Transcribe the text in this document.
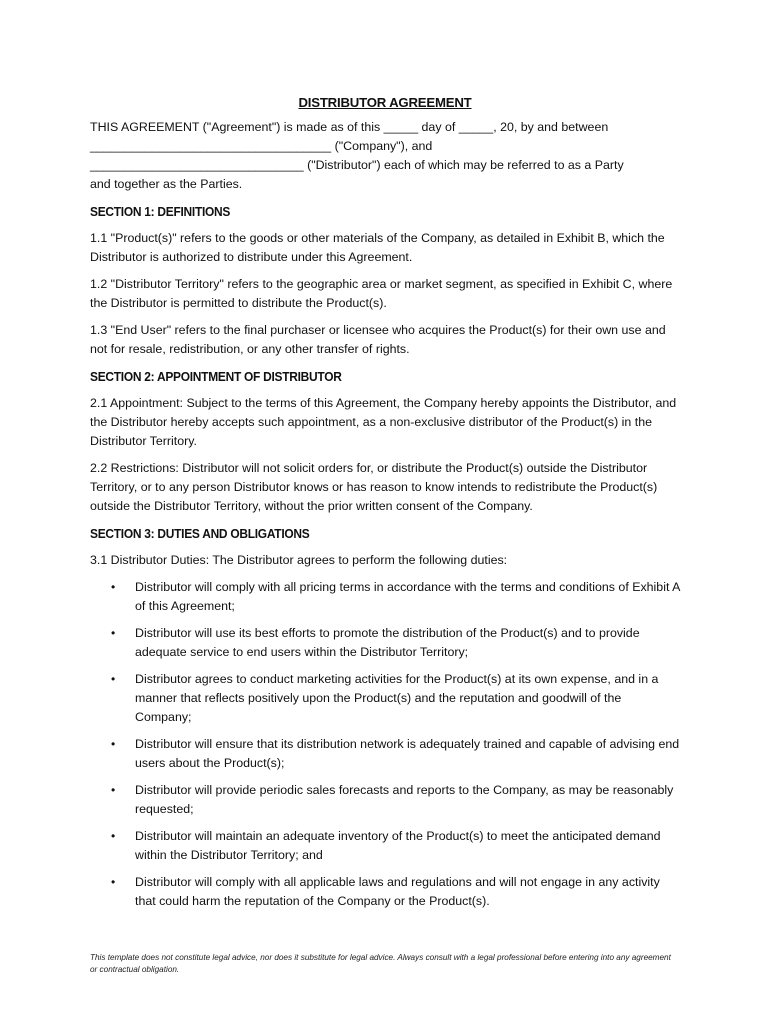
DISTRIBUTOR AGREEMENT
THIS AGREEMENT ("Agreement") is made as of this _____ day of _____, 20, by and between
___________________________________ ("Company"), and
_______________________________ ("Distributor") each of which may be referred to as a Party
and together as the Parties.
SECTION 1: DEFINITIONS
1.1 "Product(s)" refers to the goods or other materials of the Company, as detailed in Exhibit B, which the Distributor is authorized to distribute under this Agreement.
1.2 "Distributor Territory" refers to the geographic area or market segment, as specified in Exhibit C, where the Distributor is permitted to distribute the Product(s).
1.3 "End User" refers to the final purchaser or licensee who acquires the Product(s) for their own use and not for resale, redistribution, or any other transfer of rights.
SECTION 2: APPOINTMENT OF DISTRIBUTOR
2.1 Appointment: Subject to the terms of this Agreement, the Company hereby appoints the Distributor, and the Distributor hereby accepts such appointment, as a non-exclusive distributor of the Product(s) in the Distributor Territory.
2.2 Restrictions: Distributor will not solicit orders for, or distribute the Product(s) outside the Distributor Territory, or to any person Distributor knows or has reason to know intends to redistribute the Product(s) outside the Distributor Territory, without the prior written consent of the Company.
SECTION 3: DUTIES AND OBLIGATIONS
3.1 Distributor Duties: The Distributor agrees to perform the following duties:
• Distributor will comply with all pricing terms in accordance with the terms and conditions of Exhibit A of this Agreement;
• Distributor will use its best efforts to promote the distribution of the Product(s) and to provide adequate service to end users within the Distributor Territory;
• Distributor agrees to conduct marketing activities for the Product(s) at its own expense, and in a manner that reflects positively upon the Product(s) and the reputation and goodwill of the Company;
• Distributor will ensure that its distribution network is adequately trained and capable of advising end users about the Product(s);
• Distributor will provide periodic sales forecasts and reports to the Company, as may be reasonably requested;
• Distributor will maintain an adequate inventory of the Product(s) to meet the anticipated demand within the Distributor Territory; and
• Distributor will comply with all applicable laws and regulations and will not engage in any activity that could harm the reputation of the Company or the Product(s).
This template does not constitute legal advice, nor does it substitute for legal advice. Always consult with a legal professional before entering into any agreement or contractual obligation.
